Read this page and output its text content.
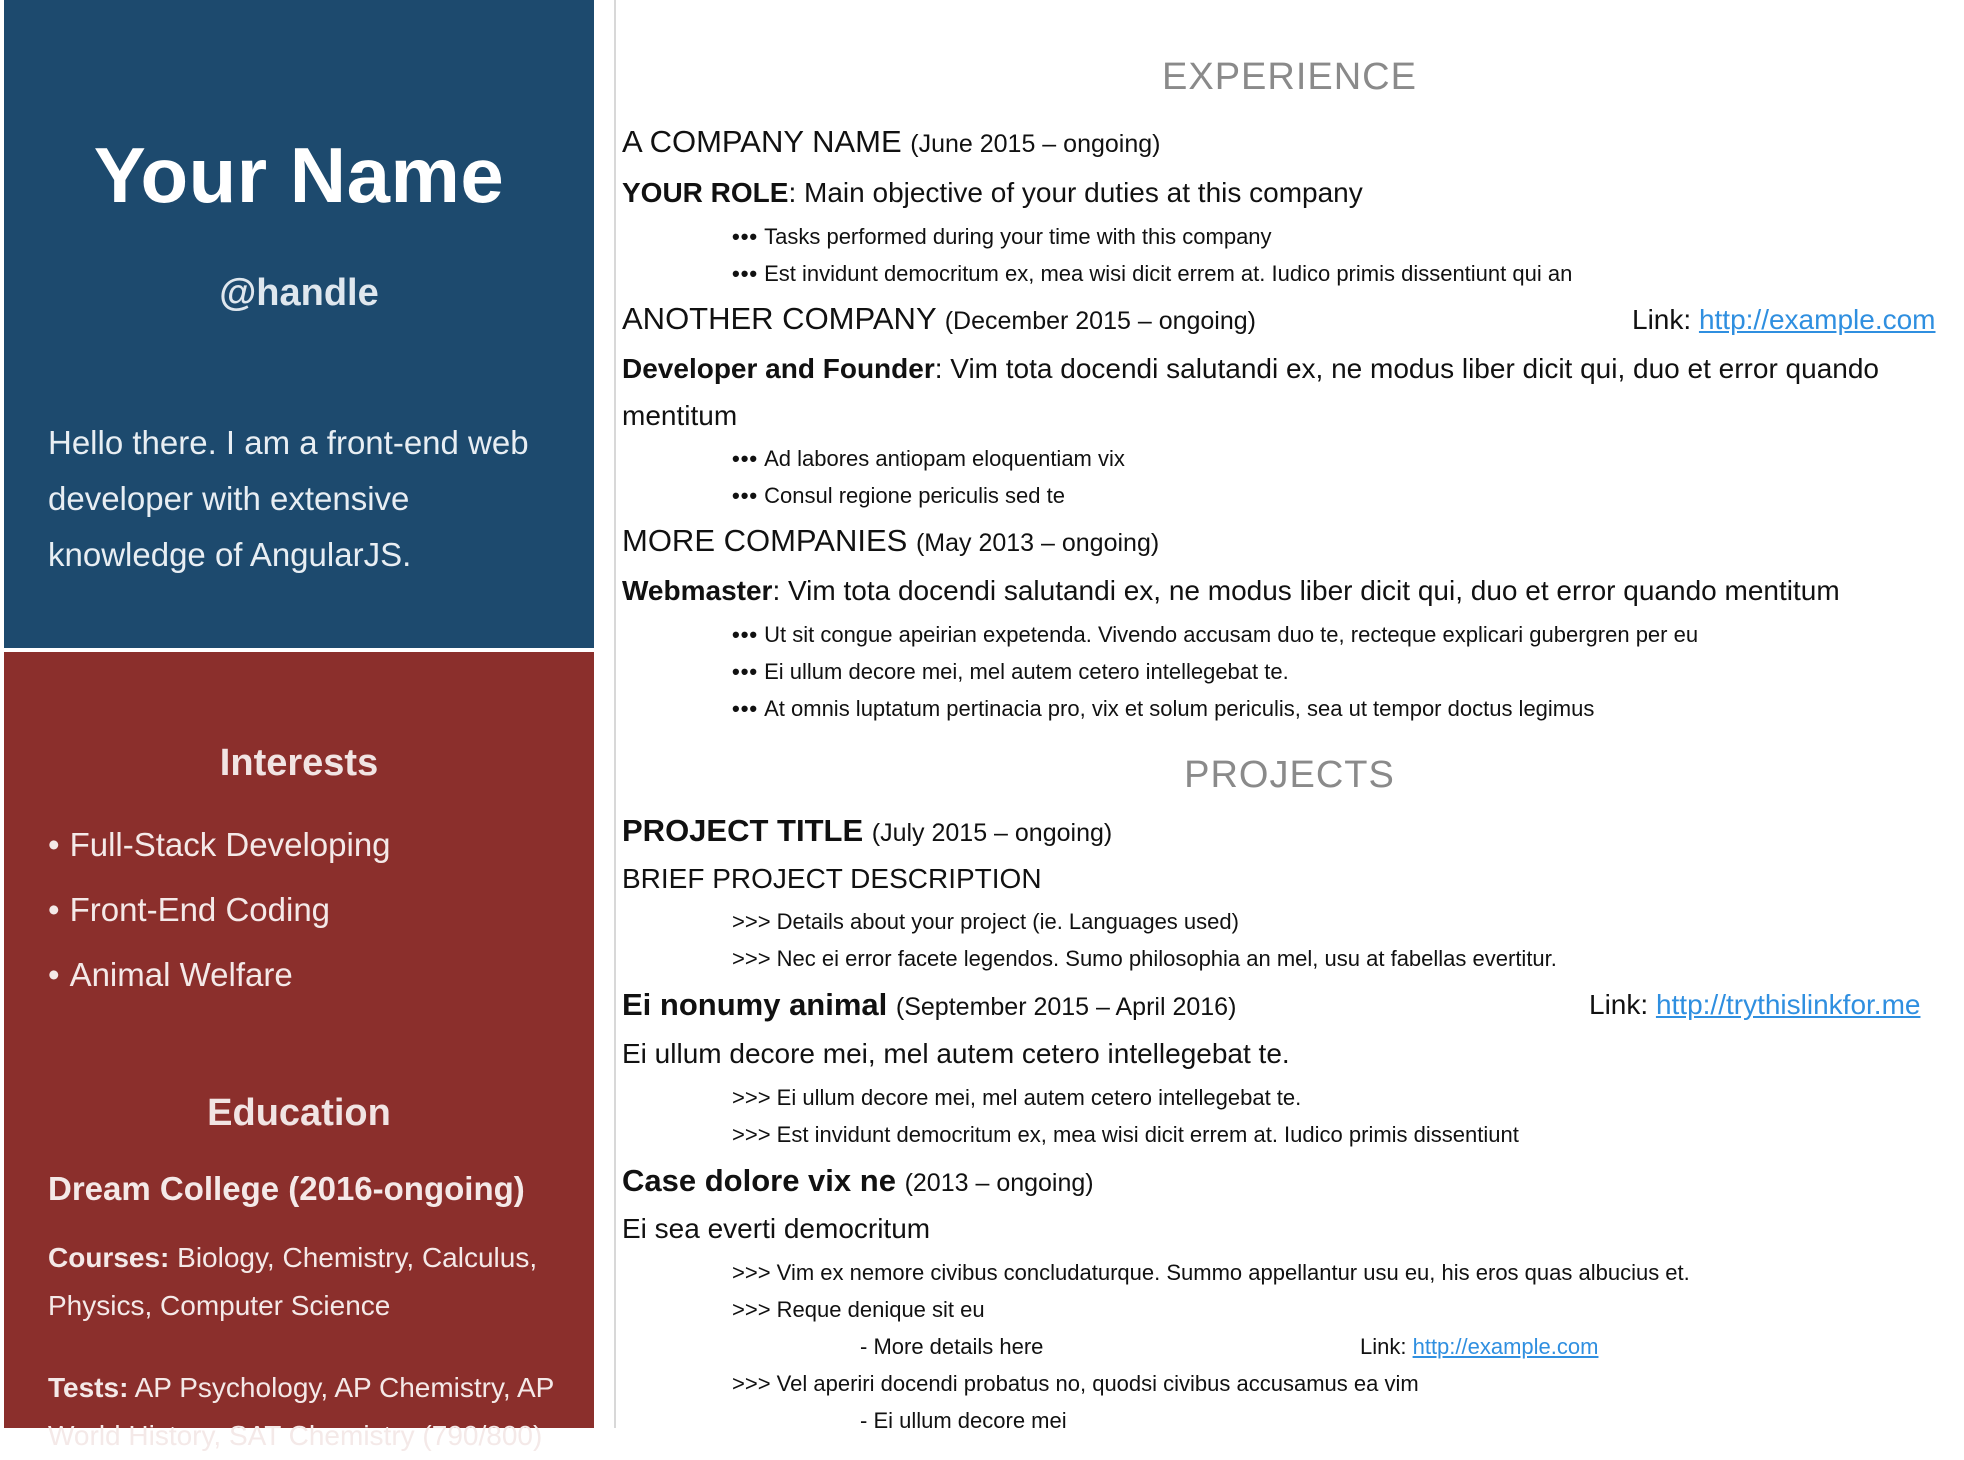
Your Name
@handle
Hello there. I am a front-end web developer with extensive knowledge of AngularJS.
Interests
• Full-Stack Developing
• Front-End Coding
• Animal Welfare
Education
Dream College (2016-ongoing)
Courses: Biology, Chemistry, Calculus, Physics, Computer Science
Tests: AP Psychology, AP Chemistry, AP World History, SAT Chemistry (790/800)
EXPERIENCE
A COMPANY NAME (June 2015 – ongoing)
YOUR ROLE: Main objective of your duties at this company
••• Tasks performed during your time with this company
••• Est invidunt democritum ex, mea wisi dicit errem at. Iudico primis dissentiunt qui an
ANOTHER COMPANY (December 2015 – ongoing)	Link: http://example.com
Developer and Founder: Vim tota docendi salutandi ex, ne modus liber dicit qui, duo et error quando
mentitum
••• Ad labores antiopam eloquentiam vix
••• Consul regione periculis sed te
MORE COMPANIES (May 2013 – ongoing)
Webmaster: Vim tota docendi salutandi ex, ne modus liber dicit qui, duo et error quando mentitum
••• Ut sit congue apeirian expetenda. Vivendo accusam duo te, recteque explicari gubergren per eu
••• Ei ullum decore mei, mel autem cetero intellegebat te.
••• At omnis luptatum pertinacia pro, vix et solum periculis, sea ut tempor doctus legimus
PROJECTS
PROJECT TITLE (July 2015 – ongoing)
BRIEF PROJECT DESCRIPTION
>>> Details about your project (ie. Languages used)
>>> Nec ei error facete legendos. Sumo philosophia an mel, usu at fabellas evertitur.
Ei nonumy animal (September 2015 – April 2016)	Link: http://trythislinkfor.me
Ei ullum decore mei, mel autem cetero intellegebat te.
>>> Ei ullum decore mei, mel autem cetero intellegebat te.
>>> Est invidunt democritum ex, mea wisi dicit errem at. Iudico primis dissentiunt
Case dolore vix ne (2013 – ongoing)
Ei sea everti democritum
>>> Vim ex nemore civibus concludaturque. Summo appellantur usu eu, his eros quas albucius et.
>>> Reque denique sit eu
- More details here	Link: http://example.com
>>> Vel aperiri docendi probatus no, quodsi civibus accusamus ea vim
- Ei ullum decore mei
